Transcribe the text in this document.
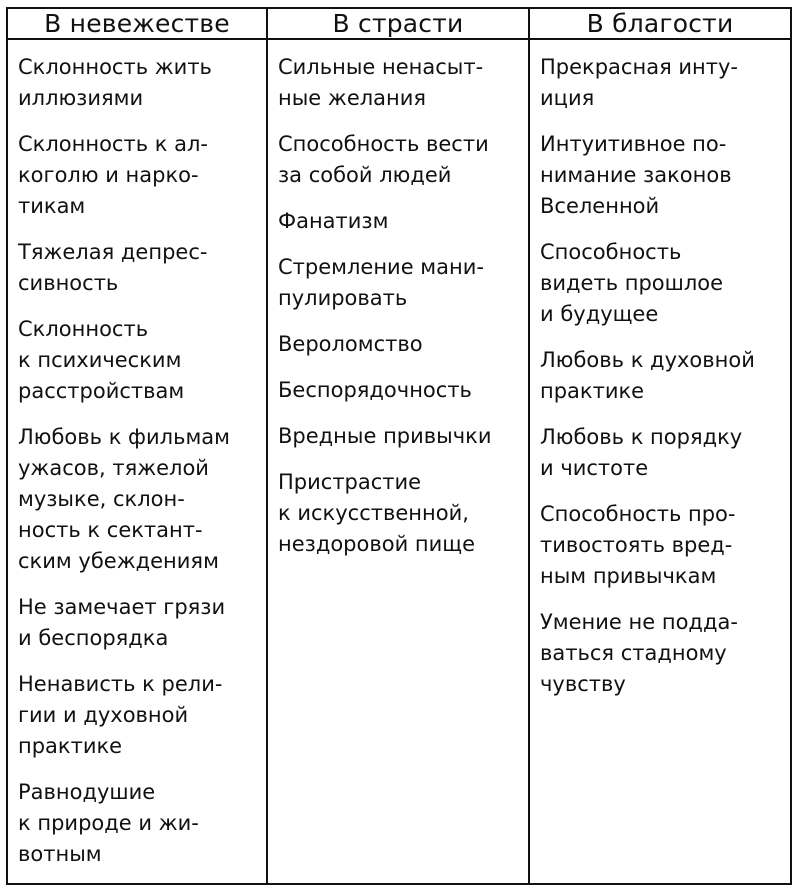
В невежестве	В страсти	В благости
Склонность жить
иллюзиями
Склонность к ал-
коголю и нарко-
тикам
Тяжелая депрес-
сивность
Склонность
к психическим
расстройствам
Любовь к фильмам
ужасов, тяжелой
музыке, склон-
ность к сектант-
ским убеждениям
Не замечает грязи
и беспорядка
Ненависть к рели-
гии и духовной
практике
Равнодушие
к природе и жи-
вотным
Сильные ненасыт-
ные желания
Способность вести
за собой людей
Фанатизм
Стремление мани-
пулировать
Вероломство
Беспорядочность
Вредные привычки
Пристрастие
к искусственной,
нездоровой пище
Прекрасная инту-
иция
Интуитивное по-
нимание законов
Вселенной
Способность
видеть прошлое
и будущее
Любовь к духовной
практике
Любовь к порядку
и чистоте
Способность про-
тивостоять вред-
ным привычкам
Умение не подда-
ваться стадному
чувству
